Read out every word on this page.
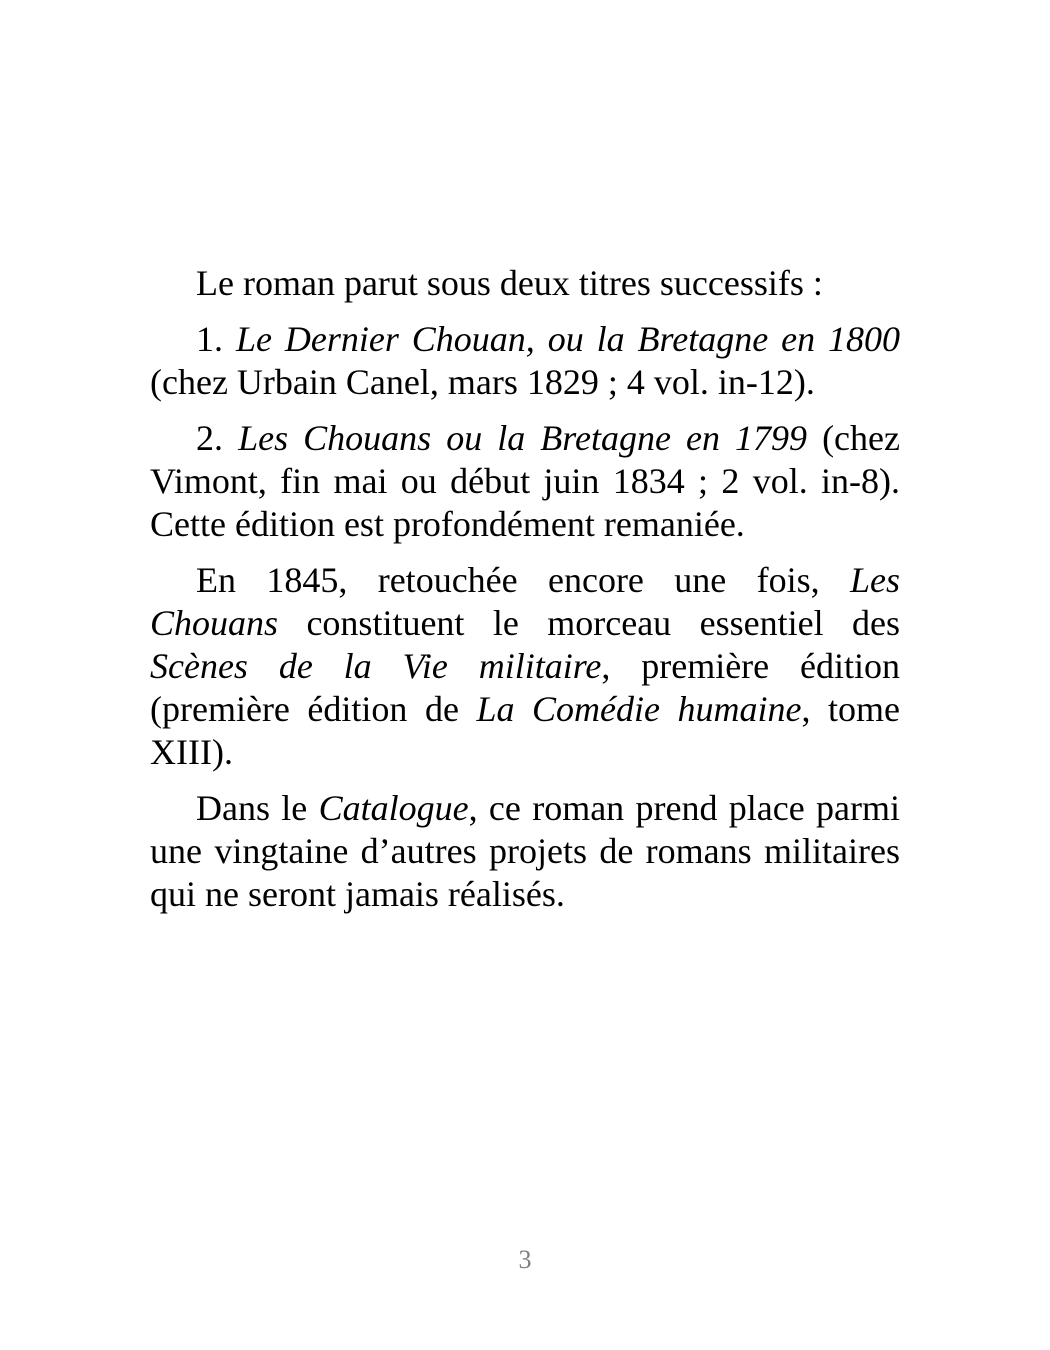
Le roman parut sous deux titres successifs :

1. Le Dernier Chouan, ou la Bretagne en 1800 (chez Urbain Canel, mars 1829 ; 4 vol. in-12).

2. Les Chouans ou la Bretagne en 1799 (chez Vimont, fin mai ou début juin 1834 ; 2 vol. in-8). Cette édition est profondément remaniée.

En 1845, retouchée encore une fois, Les Chouans constituent le morceau essentiel des Scènes de la Vie militaire, première édition (première édition de La Comédie humaine, tome XIII).

Dans le Catalogue, ce roman prend place parmi une vingtaine d’autres projets de romans militaires qui ne seront jamais réalisés.

3
